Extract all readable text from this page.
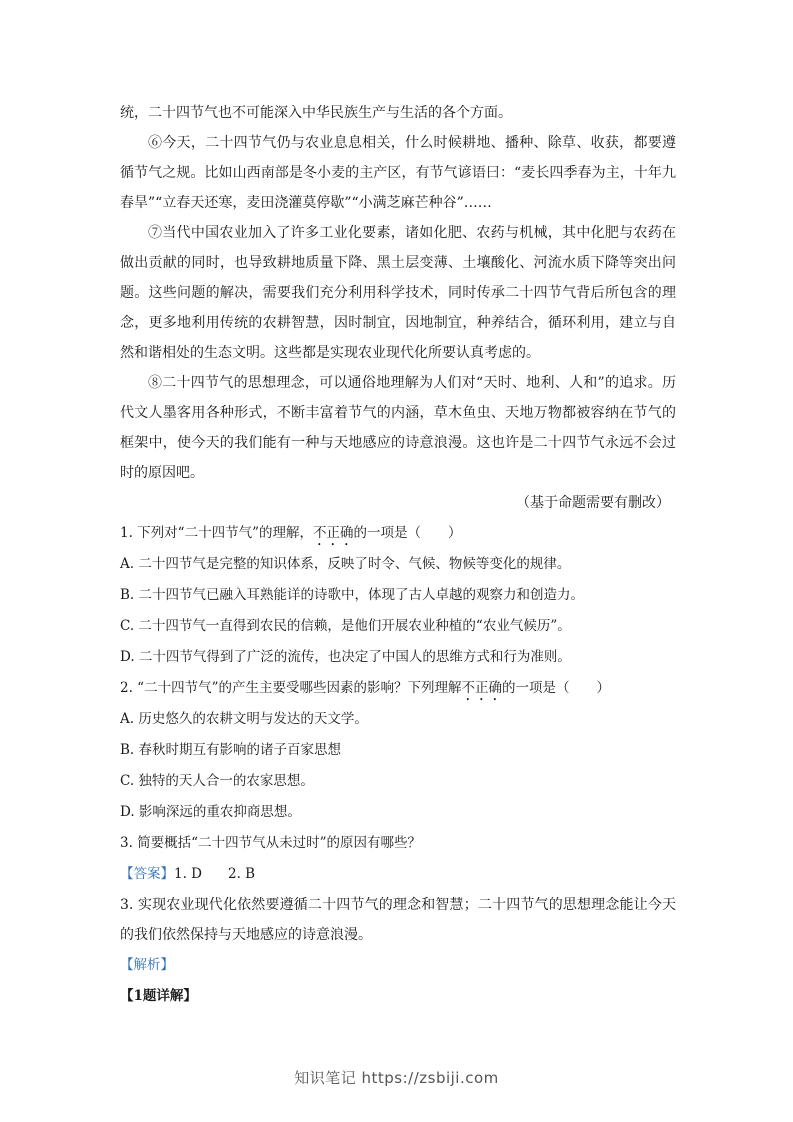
统，二十四节气也不可能深入中华民族生产与生活的各个方面。

⑥今天，二十四节气仍与农业息息相关，什么时候耕地、播种、除草、收获，都要遵循节气之规。比如山西南部是冬小麦的主产区，有节气谚语曰：“麦长四季春为主，十年九春旱”“立春天还寒，麦田浇灌莫停歇”“小满芝麻芒种谷”……

⑦当代中国农业加入了许多工业化要素，诸如化肥、农药与机械，其中化肥与农药在做出贡献的同时，也导致耕地质量下降、黑土层变薄、土壤酸化、河流水质下降等突出问题。这些问题的解决，需要我们充分利用科学技术，同时传承二十四节气背后所包含的理念，更多地利用传统的农耕智慧，因时制宜，因地制宜，种养结合，循环利用，建立与自然和谐相处的生态文明。这些都是实现农业现代化所要认真考虑的。

⑧二十四节气的思想理念，可以通俗地理解为人们对“天时、地利、人和”的追求。历代文人墨客用各种形式，不断丰富着节气的内涵，草木鱼虫、天地万物都被容纳在节气的框架中，使今天的我们能有一种与天地感应的诗意浪漫。这也许是二十四节气永远不会过时的原因吧。

（基于命题需要有删改）

1. 下列对“二十四节气”的理解，不正确的一项是（　　）

A. 二十四节气是完整的知识体系，反映了时令、气候、物候等变化的规律。

B. 二十四节气已融入耳熟能详的诗歌中，体现了古人卓越的观察力和创造力。

C. 二十四节气一直得到农民的信赖，是他们开展农业种植的“农业气候历”。

D. 二十四节气得到了广泛的流传，也决定了中国人的思维方式和行为准则。

2. “二十四节气”的产生主要受哪些因素的影响？下列理解不正确的一项是（　　）

A. 历史悠久的农耕文明与发达的天文学。

B. 春秋时期互有影响的诸子百家思想

C. 独特的天人合一的农家思想。

D. 影响深远的重农抑商思想。

3. 简要概括“二十四节气从未过时”的原因有哪些？

【答案】1. D 2. B

3. 实现农业现代化依然要遵循二十四节气的理念和智慧；二十四节气的思想理念能让今天的我们依然保持与天地感应的诗意浪漫。

【解析】

【1题详解】

知识笔记 https://zsbiji.com
